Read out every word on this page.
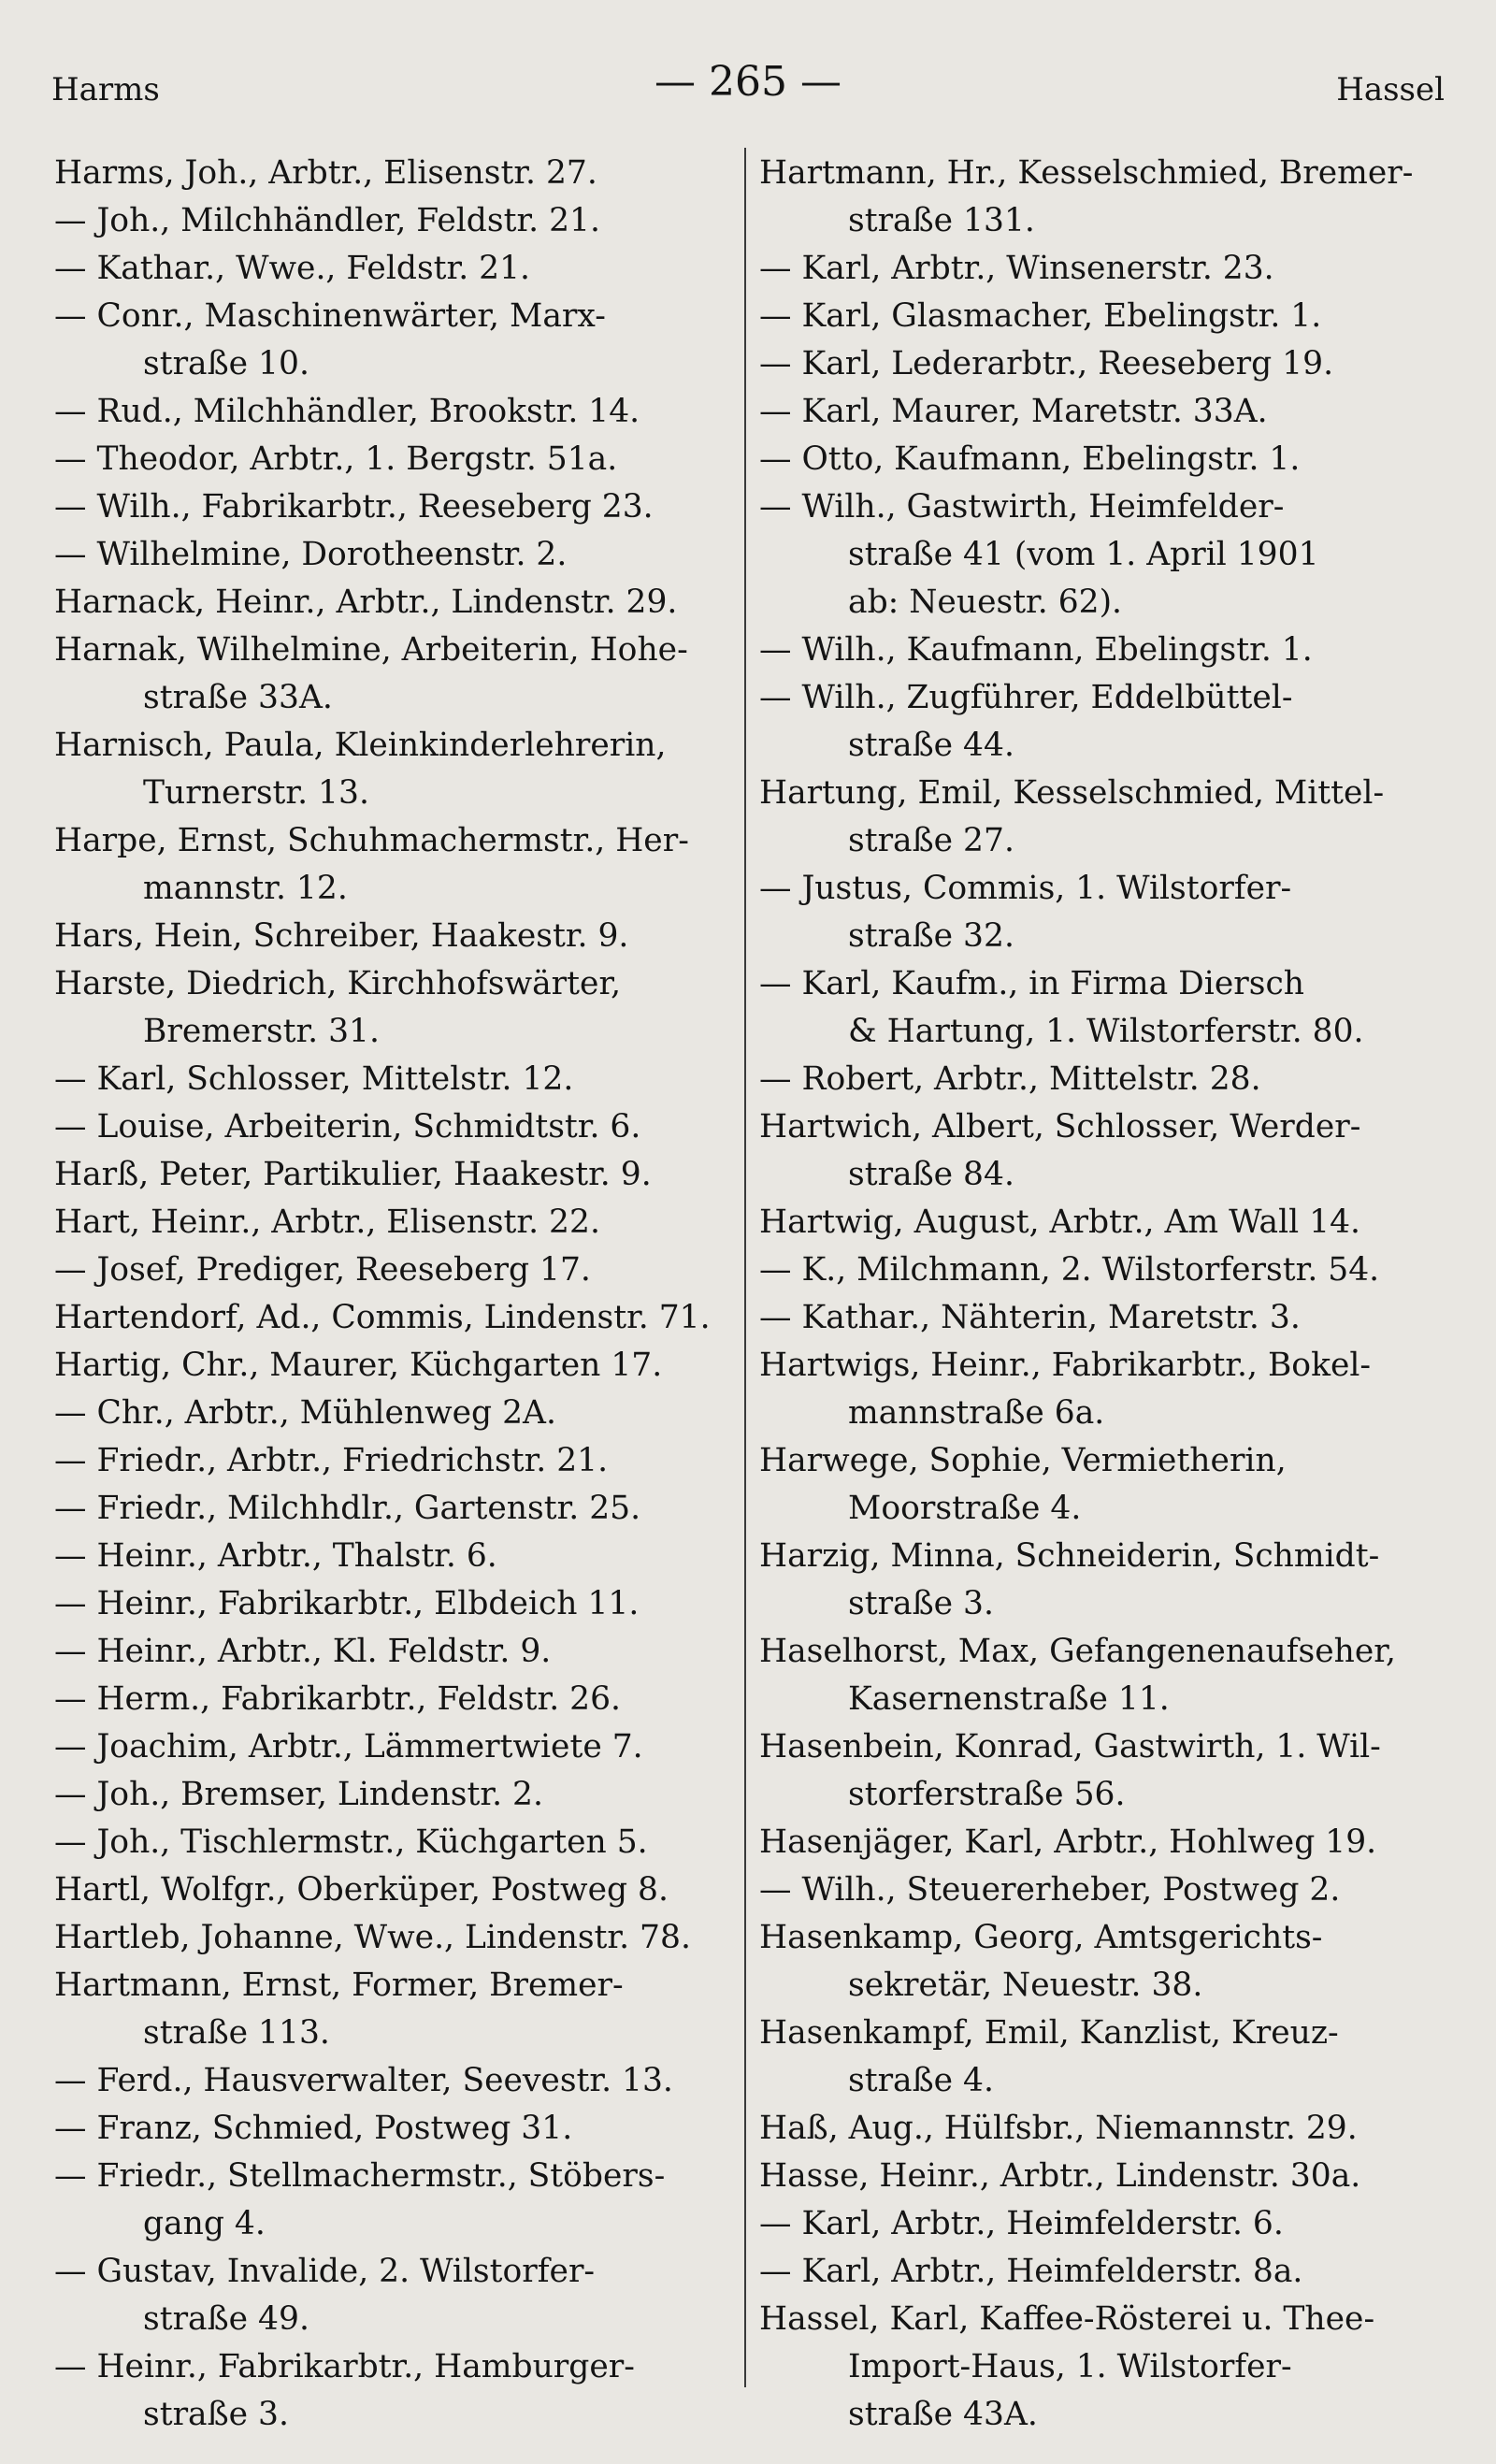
Harms	— 265 —	Hassel
Harms, Joh., Arbtr., Elisenstr. 27.
— Joh., Milchhändler, Feldstr. 21.
— Kathar., Wwe., Feldstr. 21.
— Conr., Maschinenwärter, Marx-
straße 10.
— Rud., Milchhändler, Brookstr. 14.
— Theodor, Arbtr., 1. Bergstr. 51a.
— Wilh., Fabrikarbtr., Reeseberg 23.
— Wilhelmine, Dorotheenstr. 2.
Harnack, Heinr., Arbtr., Lindenstr. 29.
Harnak, Wilhelmine, Arbeiterin, Hohe-
straße 33A.
Harnisch, Paula, Kleinkinderlehrerin,
Turnerstr. 13.
Harpe, Ernst, Schuhmachermstr., Her-
mannstr. 12.
Hars, Hein, Schreiber, Haakestr. 9.
Harste, Diedrich, Kirchhofswärter,
Bremerstr. 31.
— Karl, Schlosser, Mittelstr. 12.
— Louise, Arbeiterin, Schmidtstr. 6.
Harß, Peter, Partikulier, Haakestr. 9.
Hart, Heinr., Arbtr., Elisenstr. 22.
— Josef, Prediger, Reeseberg 17.
Hartendorf, Ad., Commis, Lindenstr. 71.
Hartig, Chr., Maurer, Küchgarten 17.
— Chr., Arbtr., Mühlenweg 2A.
— Friedr., Arbtr., Friedrichstr. 21.
— Friedr., Milchhdlr., Gartenstr. 25.
— Heinr., Arbtr., Thalstr. 6.
— Heinr., Fabrikarbtr., Elbdeich 11.
— Heinr., Arbtr., Kl. Feldstr. 9.
— Herm., Fabrikarbtr., Feldstr. 26.
— Joachim, Arbtr., Lämmertwiete 7.
— Joh., Bremser, Lindenstr. 2.
— Joh., Tischlermstr., Küchgarten 5.
Hartl, Wolfgr., Oberküper, Postweg 8.
Hartleb, Johanne, Wwe., Lindenstr. 78.
Hartmann, Ernst, Former, Bremer-
straße 113.
— Ferd., Hausverwalter, Seevestr. 13.
— Franz, Schmied, Postweg 31.
— Friedr., Stellmachermstr., Stöbers-
gang 4.
— Gustav, Invalide, 2. Wilstorfer-
straße 49.
— Heinr., Fabrikarbtr., Hamburger-
straße 3.
Hartmann, Hr., Kesselschmied, Bremer-
straße 131.
— Karl, Arbtr., Winsenerstr. 23.
— Karl, Glasmacher, Ebelingstr. 1.
— Karl, Lederarbtr., Reeseberg 19.
— Karl, Maurer, Maretstr. 33A.
— Otto, Kaufmann, Ebelingstr. 1.
— Wilh., Gastwirth, Heimfelder-
straße 41 (vom 1. April 1901
ab: Neuestr. 62).
— Wilh., Kaufmann, Ebelingstr. 1.
— Wilh., Zugführer, Eddelbüttel-
straße 44.
Hartung, Emil, Kesselschmied, Mittel-
straße 27.
— Justus, Commis, 1. Wilstorfer-
straße 32.
— Karl, Kaufm., in Firma Diersch
& Hartung, 1. Wilstorferstr. 80.
— Robert, Arbtr., Mittelstr. 28.
Hartwich, Albert, Schlosser, Werder-
straße 84.
Hartwig, August, Arbtr., Am Wall 14.
— K., Milchmann, 2. Wilstorferstr. 54.
— Kathar., Nähterin, Maretstr. 3.
Hartwigs, Heinr., Fabrikarbtr., Bokel-
mannstraße 6a.
Harwege, Sophie, Vermietherin,
Moorstraße 4.
Harzig, Minna, Schneiderin, Schmidt-
straße 3.
Haselhorst, Max, Gefangenenaufseher,
Kasernenstraße 11.
Hasenbein, Konrad, Gastwirth, 1. Wil-
storferstraße 56.
Hasenjäger, Karl, Arbtr., Hohlweg 19.
— Wilh., Steuererheber, Postweg 2.
Hasenkamp, Georg, Amtsgerichts-
sekretär, Neuestr. 38.
Hasenkampf, Emil, Kanzlist, Kreuz-
straße 4.
Haß, Aug., Hülfsbr., Niemannstr. 29.
Hasse, Heinr., Arbtr., Lindenstr. 30a.
— Karl, Arbtr., Heimfelderstr. 6.
— Karl, Arbtr., Heimfelderstr. 8a.
Hassel, Karl, Kaffee-Rösterei u. Thee-
Import-Haus, 1. Wilstorfer-
straße 43A.
